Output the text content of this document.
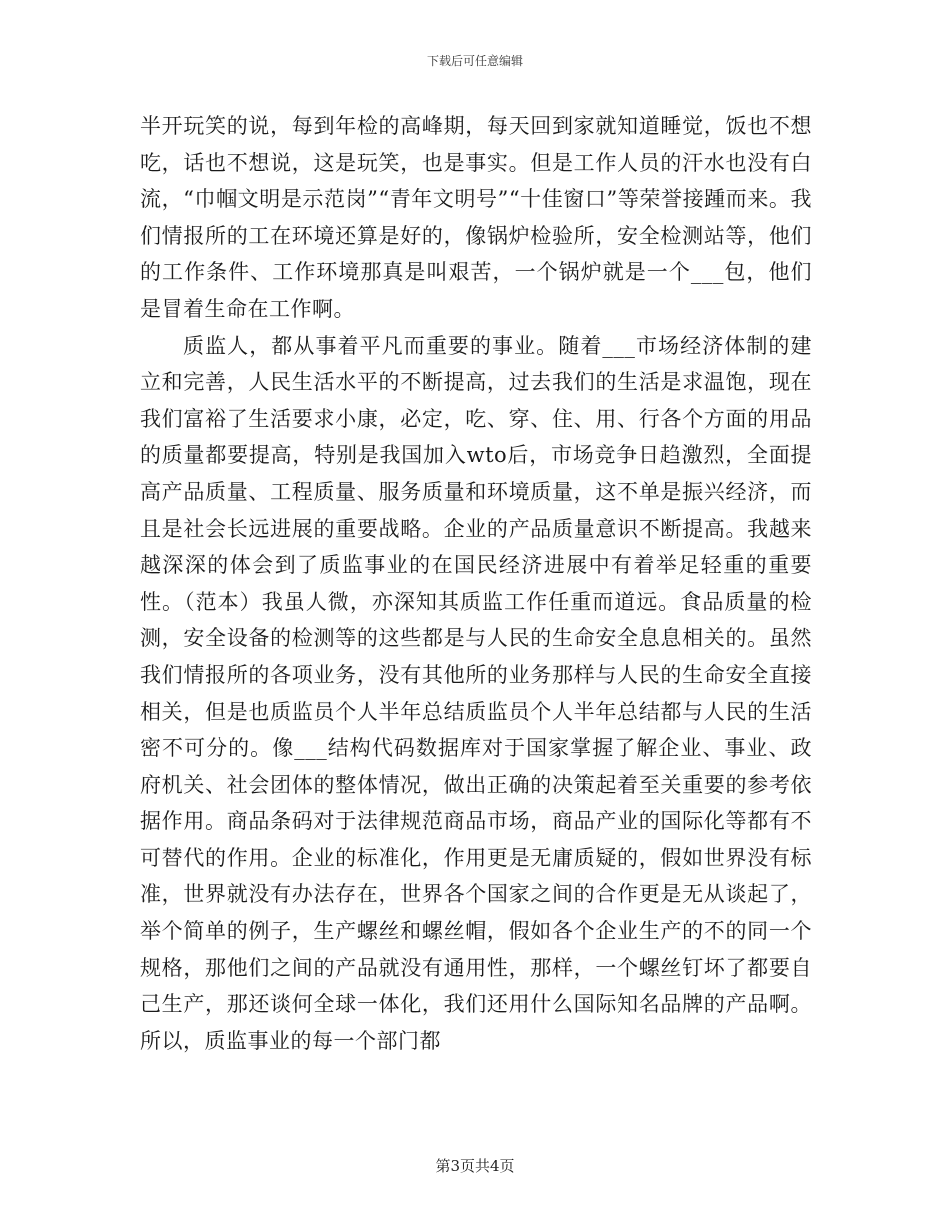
下载后可任意编辑

半开玩笑的说，每到年检的高峰期，每天回到家就知道睡觉，饭也不想吃，话也不想说，这是玩笑，也是事实。但是工作人员的汗水也没有白流，“巾帼文明是示范岗”“青年文明号”“十佳窗口”等荣誉接踵而来。我们情报所的工在环境还算是好的，像锅炉检验所，安全检测站等，他们的工作条件、工作环境那真是叫艰苦，一个锅炉就是一个___包，他们是冒着生命在工作啊。

质监人，都从事着平凡而重要的事业。随着___市场经济体制的建立和完善，人民生活水平的不断提高，过去我们的生活是求温饱，现在我们富裕了生活要求小康，必定，吃、穿、住、用、行各个方面的用品的质量都要提高，特别是我国加入wto后，市场竞争日趋激烈，全面提高产品质量、工程质量、服务质量和环境质量，这不单是振兴经济，而且是社会长远进展的重要战略。企业的产品质量意识不断提高。我越来越深深的体会到了质监事业的在国民经济进展中有着举足轻重的重要性。（范本）我虽人微，亦深知其质监工作任重而道远。食品质量的检测，安全设备的检测等的这些都是与人民的生命安全息息相关的。虽然我们情报所的各项业务，没有其他所的业务那样与人民的生命安全直接相关，但是也质监员个人半年总结质监员个人半年总结都与人民的生活密不可分的。像___结构代码数据库对于国家掌握了解企业、事业、政府机关、社会团体的整体情况，做出正确的决策起着至关重要的参考依据作用。商品条码对于法律规范商品市场，商品产业的国际化等都有不可替代的作用。企业的标准化，作用更是无庸质疑的，假如世界没有标准，世界就没有办法存在，世界各个国家之间的合作更是无从谈起了，举个简单的例子，生产螺丝和螺丝帽，假如各个企业生产的不的同一个规格，那他们之间的产品就没有通用性，那样，一个螺丝钉坏了都要自己生产，那还谈何全球一体化，我们还用什么国际知名品牌的产品啊。所以，质监事业的每一个部门都

第3页共4页
